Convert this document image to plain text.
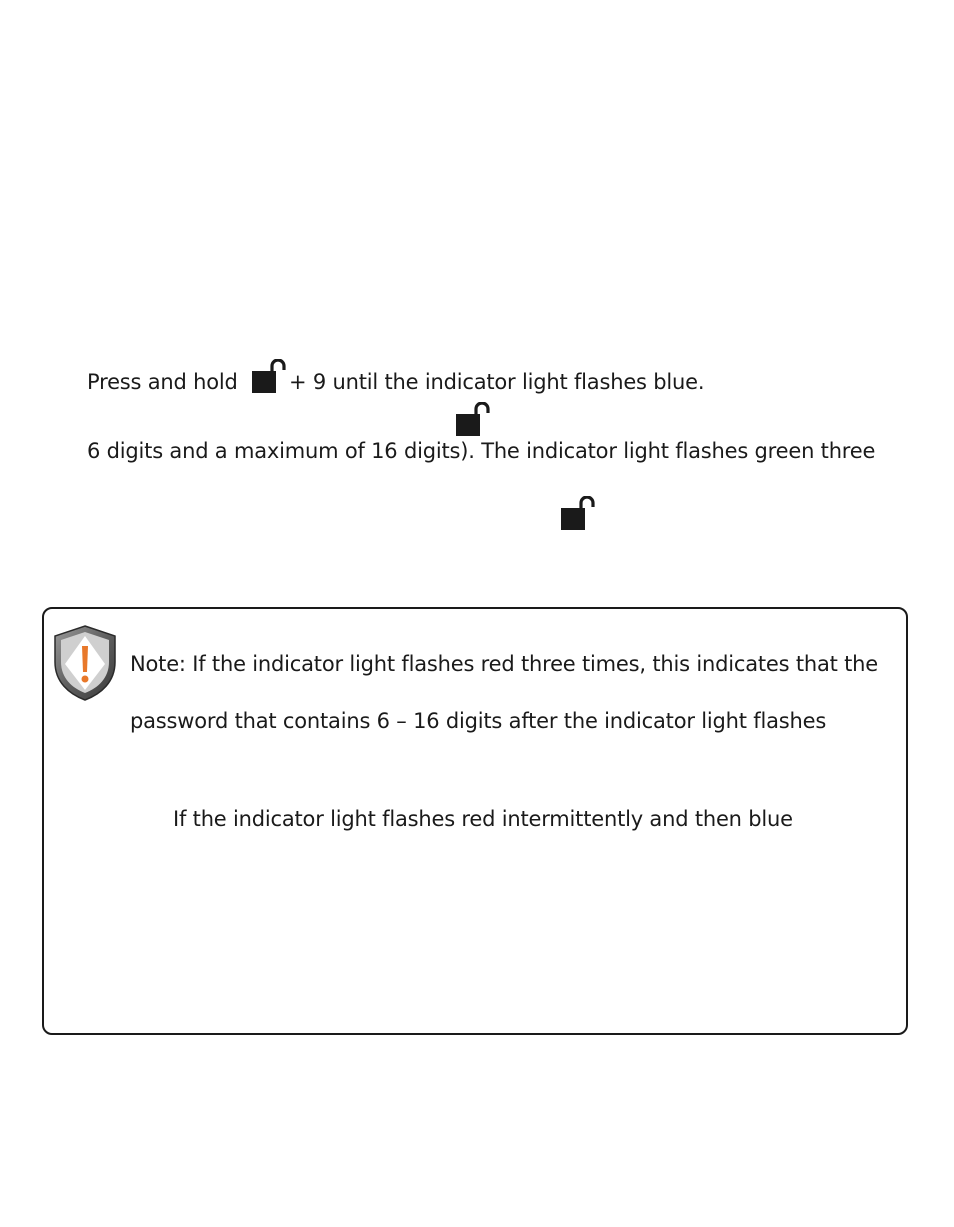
Press and hold + 9 until the indicator light flashes blue.
6 digits and a maximum of 16 digits). The indicator light flashes green three
Note: If the indicator light flashes red three times, this indicates that the
password that contains 6 – 16 digits after the indicator light flashes
If the indicator light flashes red intermittently and then blue
